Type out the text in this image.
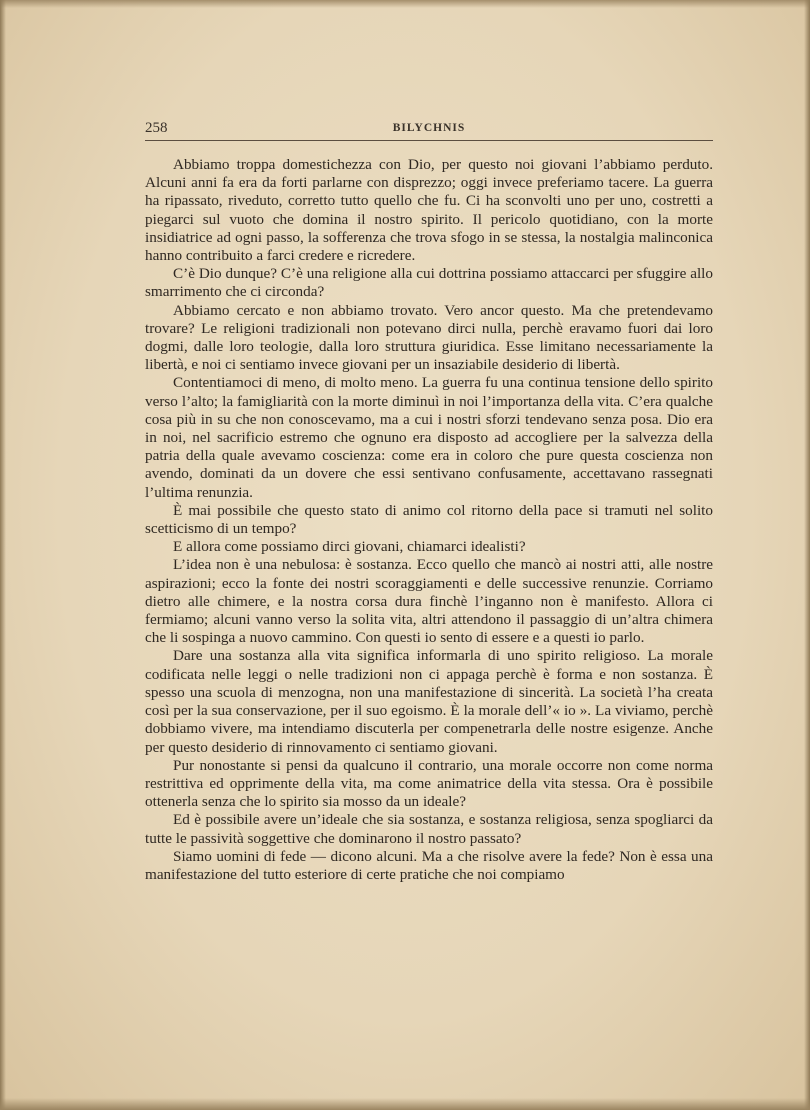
258	BILYCHNIS

Abbiamo troppa domestichezza con Dio, per questo noi giovani l’abbiamo perduto. Alcuni anni fa era da forti parlarne con disprezzo; oggi invece preferiamo tacere. La guerra ha ripassato, riveduto, corretto tutto quello che fu. Ci ha sconvolti uno per uno, costretti a piegarci sul vuoto che domina il nostro spirito. Il pericolo quotidiano, con la morte insidiatrice ad ogni passo, la sofferenza che trova sfogo in se stessa, la nostalgia malinconica hanno contribuito a farci credere e ricredere.

C’è Dio dunque? C’è una religione alla cui dottrina possiamo attaccarci per sfuggire allo smarrimento che ci circonda?

Abbiamo cercato e non abbiamo trovato. Vero ancor questo. Ma che pretendevamo trovare? Le religioni tradizionali non potevano dirci nulla, perchè eravamo fuori dai loro dogmi, dalle loro teologie, dalla loro struttura giuridica. Esse limitano necessariamente la libertà, e noi ci sentiamo invece giovani per un insaziabile desiderio di libertà.

Contentiamoci di meno, di molto meno. La guerra fu una continua tensione dello spirito verso l’alto; la famigliarità con la morte diminuì in noi l’importanza della vita. C’era qualche cosa più in su che non conoscevamo, ma a cui i nostri sforzi tendevano senza posa. Dio era in noi, nel sacrificio estremo che ognuno era disposto ad accogliere per la salvezza della patria della quale avevamo coscienza: come era in coloro che pure questa coscienza non avendo, dominati da un dovere che essi sentivano confusamente, accettavano rassegnati l’ultima renunzia.

È mai possibile che questo stato di animo col ritorno della pace si tramuti nel solito scetticismo di un tempo?

E allora come possiamo dirci giovani, chiamarci idealisti?

L’idea non è una nebulosa: è sostanza. Ecco quello che mancò ai nostri atti, alle nostre aspirazioni; ecco la fonte dei nostri scoraggiamenti e delle successive renunzie. Corriamo dietro alle chimere, e la nostra corsa dura finchè l’inganno non è manifesto. Allora ci fermiamo; alcuni vanno verso la solita vita, altri attendono il passaggio di un’altra chimera che li sospinga a nuovo cammino. Con questi io sento di essere e a questi io parlo.

Dare una sostanza alla vita significa informarla di uno spirito religioso. La morale codificata nelle leggi o nelle tradizioni non ci appaga perchè è forma e non sostanza. È spesso una scuola di menzogna, non una manifestazione di sincerità. La società l’ha creata così per la sua conservazione, per il suo egoismo. È la morale dell’« io ». La viviamo, perchè dobbiamo vivere, ma intendiamo discuterla per compenetrarla delle nostre esigenze. Anche per questo desiderio di rinnovamento ci sentiamo giovani.

Pur nonostante si pensi da qualcuno il contrario, una morale occorre non come norma restrittiva ed opprimente della vita, ma come animatrice della vita stessa. Ora è possibile ottenerla senza che lo spirito sia mosso da un ideale?

Ed è possibile avere un’ideale che sia sostanza, e sostanza religiosa, senza spogliarci da tutte le passività soggettive che dominarono il nostro passato?

Siamo uomini di fede — dicono alcuni. Ma a che risolve avere la fede? Non è essa una manifestazione del tutto esteriore di certe pratiche che noi compiamo
